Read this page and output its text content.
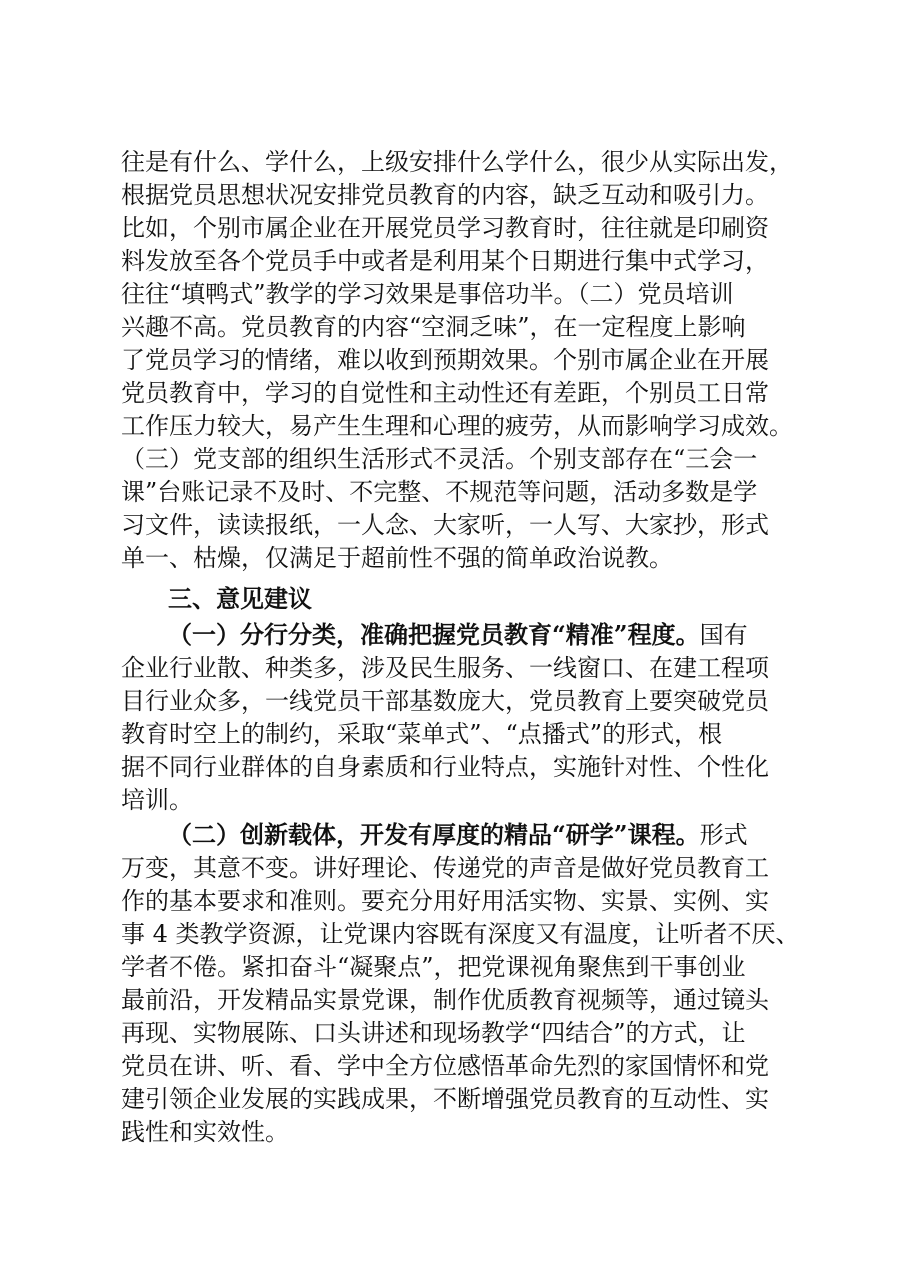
往是有什么、学什么，上级安排什么学什么，很少从实际出发，
根据党员思想状况安排党员教育的内容，缺乏互动和吸引力。
比如，个别市属企业在开展党员学习教育时，往往就是印刷资
料发放至各个党员手中或者是利用某个日期进行集中式学习，
往往“填鸭式”教学的学习效果是事倍功半。（二）党员培训
兴趣不高。党员教育的内容“空洞乏味”，在一定程度上影响
了党员学习的情绪，难以收到预期效果。个别市属企业在开展
党员教育中，学习的自觉性和主动性还有差距，个别员工日常
工作压力较大，易产生生理和心理的疲劳，从而影响学习成效。
（三）党支部的组织生活形式不灵活。个别支部存在“三会一
课”台账记录不及时、不完整、不规范等问题，活动多数是学
习文件，读读报纸，一人念、大家听，一人写、大家抄，形式
单一、枯燥，仅满足于超前性不强的简单政治说教。
三、意见建议
（一）分行分类，准确把握党员教育“精准”程度。国有
企业行业散、种类多，涉及民生服务、一线窗口、在建工程项
目行业众多，一线党员干部基数庞大，党员教育上要突破党员
教育时空上的制约，采取“菜单式”、“点播式”的形式，根
据不同行业群体的自身素质和行业特点，实施针对性、个性化
培训。
（二）创新载体，开发有厚度的精品“研学”课程。形式
万变，其意不变。讲好理论、传递党的声音是做好党员教育工
作的基本要求和准则。要充分用好用活实物、实景、实例、实
事 4 类教学资源，让党课内容既有深度又有温度，让听者不厌、
学者不倦。紧扣奋斗“凝聚点”，把党课视角聚焦到干事创业
最前沿，开发精品实景党课，制作优质教育视频等，通过镜头
再现、实物展陈、口头讲述和现场教学“四结合”的方式，让
党员在讲、听、看、学中全方位感悟革命先烈的家国情怀和党
建引领企业发展的实践成果，不断增强党员教育的互动性、实
践性和实效性。
